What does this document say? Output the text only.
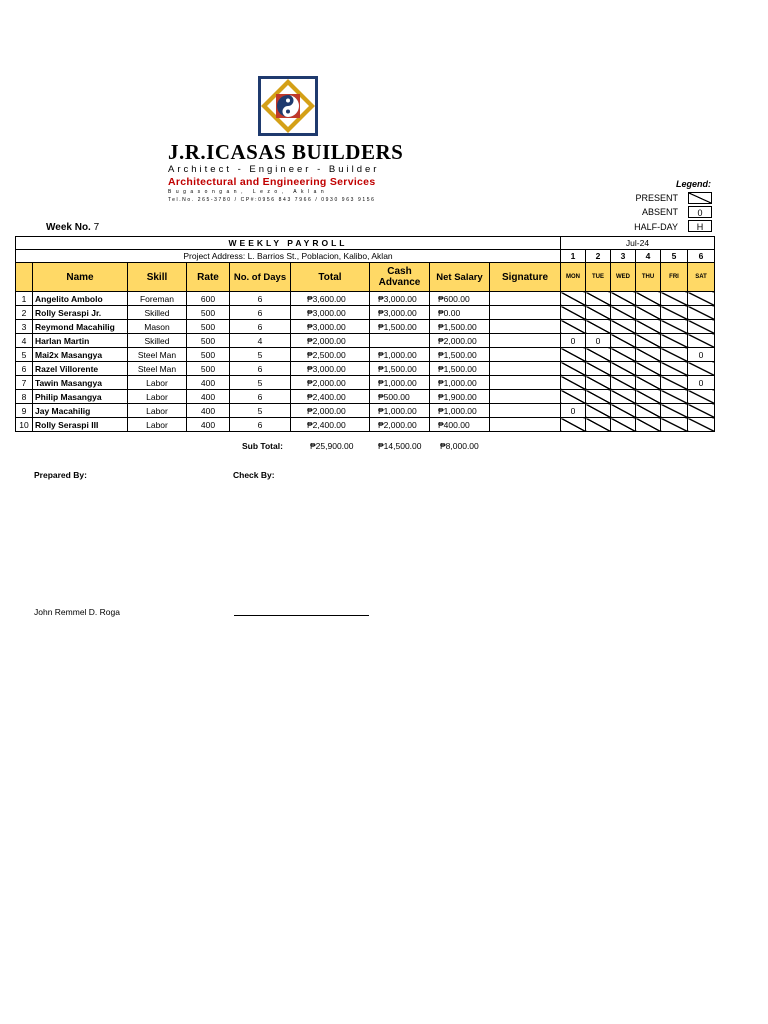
J.R.ICASAS BUILDERS
Architect - Engineer - Builder
Architectural and Engineering Services
Bugasongan, Lezo, Aklan
Tel.No. 265-3780 / CP#:0956 843 7966 / 0930 963 9156
Legend:
PRESENT
ABSENT	0
HALF-DAY	H
Week No. 7
WEEKLY PAYROLL									Jul-24					
Project Address: L. Barrios St., Poblacion, Kalibo, Aklan									1	2	3	4	5	6
	Name	Skill	Rate	No. of Days	Total	Cash Advance	Net Salary	Signature	MON	TUE	WED	THU	FRI	SAT
1	Angelito Ambolo	Foreman	600	6	₱3,600.00	₱3,000.00	₱600.00							
2	Rolly Seraspi Jr.	Skilled	500	6	₱3,000.00	₱3,000.00	₱0.00							
3	Reymond Macahilig	Mason	500	6	₱3,000.00	₱1,500.00	₱1,500.00							
4	Harlan Martin	Skilled	500	4	₱2,000.00		₱2,000.00		0	0				
5	Mai2x Masangya	Steel Man	500	5	₱2,500.00	₱1,000.00	₱1,500.00							0
6	Razel Villorente	Steel Man	500	6	₱3,000.00	₱1,500.00	₱1,500.00							
7	Tawin Masangya	Labor	400	5	₱2,000.00	₱1,000.00	₱1,000.00							0
8	Philip Masangya	Labor	400	6	₱2,400.00	₱500.00	₱1,900.00							
9	Jay Macahilig	Labor	400	5	₱2,000.00	₱1,000.00	₱1,000.00		0					
10	Rolly Seraspi III	Labor	400	6	₱2,400.00	₱2,000.00	₱400.00							
Sub Total:	₱25,900.00	₱14,500.00 ₱8,000.00
Prepared By:	Check By:
John Remmel D. Roga
